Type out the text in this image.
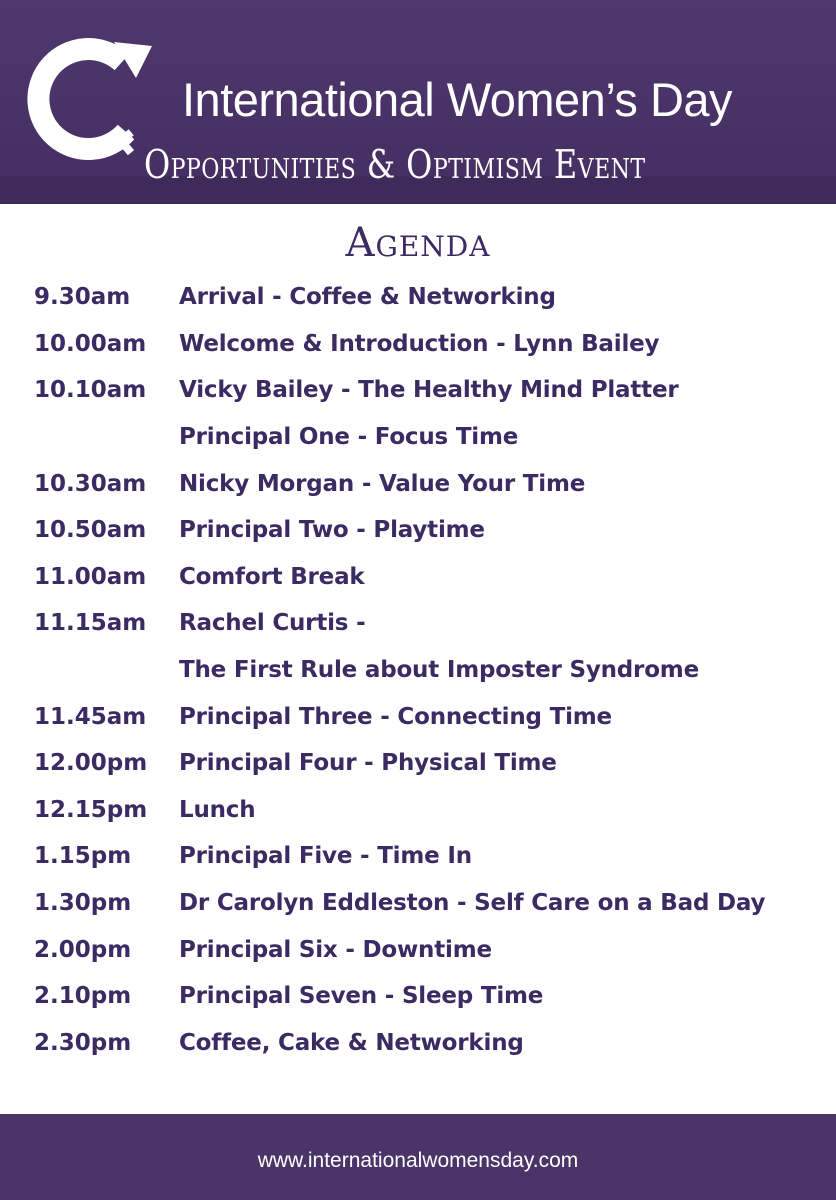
International Women’s Day
Opportunities & Optimism Event
Agenda
9.30am	Arrival - Coffee & Networking
10.00am	Welcome & Introduction - Lynn Bailey
10.10am	Vicky Bailey - The Healthy Mind Platter
Principal One - Focus Time
10.30am	Nicky Morgan - Value Your Time
10.50am	Principal Two - Playtime
11.00am	Comfort Break
11.15am	Rachel Curtis -
The First Rule about Imposter Syndrome
11.45am	Principal Three - Connecting Time
12.00pm	Principal Four - Physical Time
12.15pm	Lunch
1.15pm	Principal Five - Time In
1.30pm	Dr Carolyn Eddleston - Self Care on a Bad Day
2.00pm	Principal Six - Downtime
2.10pm	Principal Seven - Sleep Time
2.30pm	Coffee, Cake & Networking
www.internationalwomensday.com
